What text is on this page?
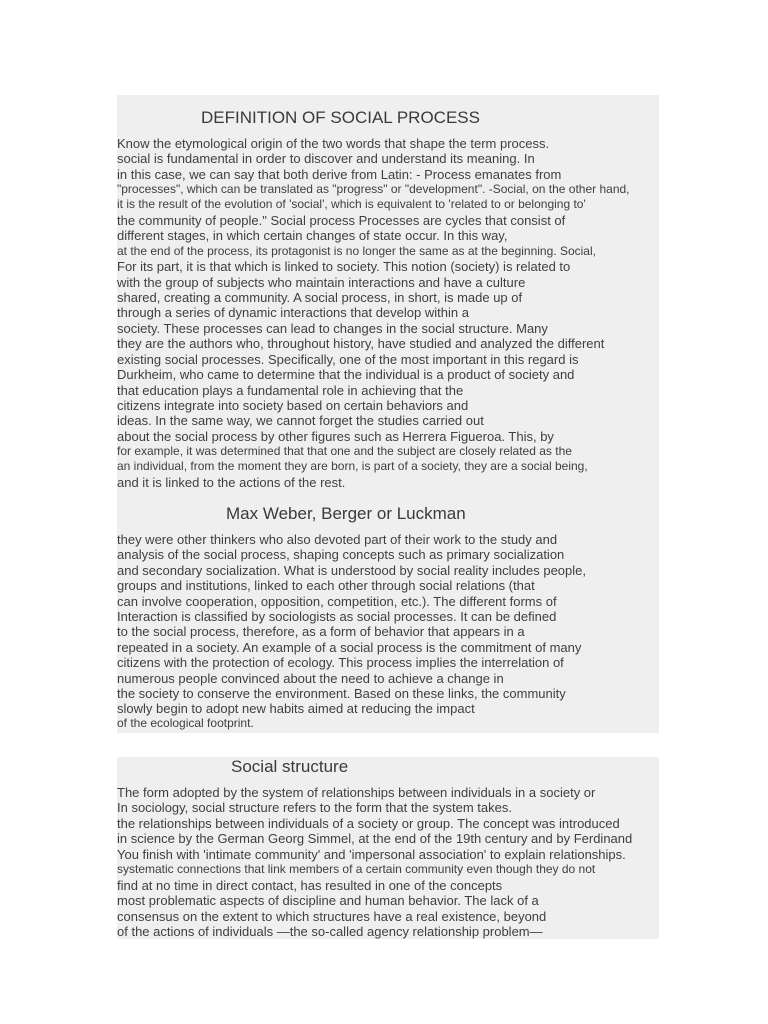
DEFINITION OF SOCIAL PROCESS
Know the etymological origin of the two words that shape the term process.
social is fundamental in order to discover and understand its meaning. In
in this case, we can say that both derive from Latin: - Process emanates from
"processes", which can be translated as "progress" or "development". -Social, on the other hand,
it is the result of the evolution of 'social', which is equivalent to 'related to or belonging to'
the community of people." Social process Processes are cycles that consist of
different stages, in which certain changes of state occur. In this way,
at the end of the process, its protagonist is no longer the same as at the beginning. Social,
For its part, it is that which is linked to society. This notion (society) is related to
with the group of subjects who maintain interactions and have a culture
shared, creating a community. A social process, in short, is made up of
through a series of dynamic interactions that develop within a
society. These processes can lead to changes in the social structure. Many
they are the authors who, throughout history, have studied and analyzed the different
existing social processes. Specifically, one of the most important in this regard is
Durkheim, who came to determine that the individual is a product of society and
that education plays a fundamental role in achieving that the
citizens integrate into society based on certain behaviors and
ideas. In the same way, we cannot forget the studies carried out
about the social process by other figures such as Herrera Figueroa. This, by
for example, it was determined that that one and the subject are closely related as the
an individual, from the moment they are born, is part of a society, they are a social being,
and it is linked to the actions of the rest.
Max Weber, Berger or Luckman
they were other thinkers who also devoted part of their work to the study and
analysis of the social process, shaping concepts such as primary socialization
and secondary socialization. What is understood by social reality includes people,
groups and institutions, linked to each other through social relations (that
can involve cooperation, opposition, competition, etc.). The different forms of
Interaction is classified by sociologists as social processes. It can be defined
to the social process, therefore, as a form of behavior that appears in a
repeated in a society. An example of a social process is the commitment of many
citizens with the protection of ecology. This process implies the interrelation of
numerous people convinced about the need to achieve a change in
the society to conserve the environment. Based on these links, the community
slowly begin to adopt new habits aimed at reducing the impact
of the ecological footprint.
Social structure
The form adopted by the system of relationships between individuals in a society or
In sociology, social structure refers to the form that the system takes.
the relationships between individuals of a society or group. The concept was introduced
in science by the German Georg Simmel, at the end of the 19th century and by Ferdinand
You finish with 'intimate community' and 'impersonal association' to explain relationships.
systematic connections that link members of a certain community even though they do not
find at no time in direct contact, has resulted in one of the concepts
most problematic aspects of discipline and human behavior. The lack of a
consensus on the extent to which structures have a real existence, beyond
of the actions of individuals —the so-called agency relationship problem—
